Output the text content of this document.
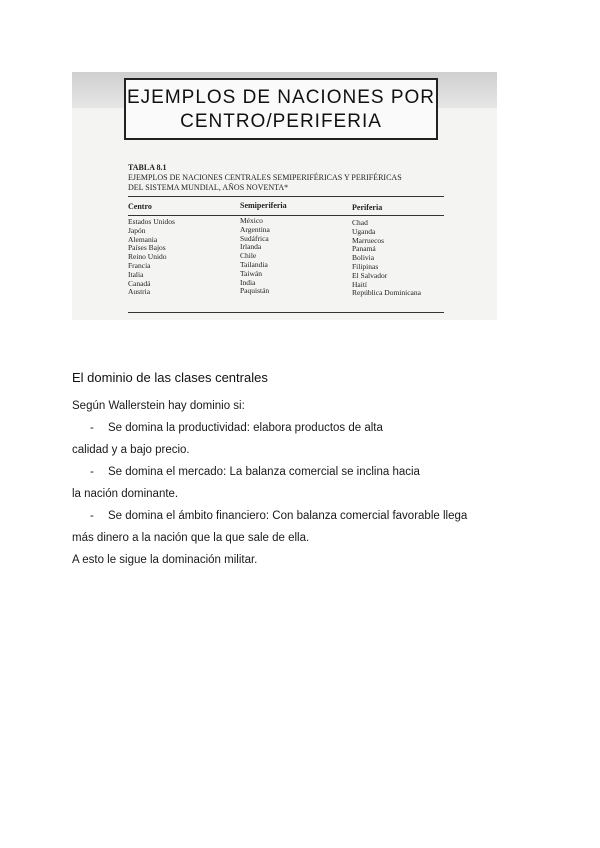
EJEMPLOS DE NACIONES POR
CENTRO/PERIFERIA
TABLA 8.1
EJEMPLOS DE NACIONES CENTRALES SEMIPERIFÉRICAS Y PERIFÉRICAS
DEL SISTEMA MUNDIAL, AÑOS NOVENTA*
Centro
Estados Unidos
Japón
Alemania
Países Bajos
Reino Unido
Francia
Italia
Canadá
Austria
Semiperiferia
México
Argentina
Sudáfrica
Irlanda
Chile
Tailandia
Taiwán
India
Paquistán
Periferia
Chad
Uganda
Marruecos
Panamá
Bolivia
Filipinas
El Salvador
Haití
República Dominicana
El dominio de las clases centrales
Según Wallerstein hay dominio si:
- Se domina la productividad: elabora productos de alta
calidad y a bajo precio.
- Se domina el mercado: La balanza comercial se inclina hacia
la nación dominante.
- Se domina el ámbito financiero: Con balanza comercial favorable llega
más dinero a la nación que la que sale de ella.
A esto le sigue la dominación militar.
